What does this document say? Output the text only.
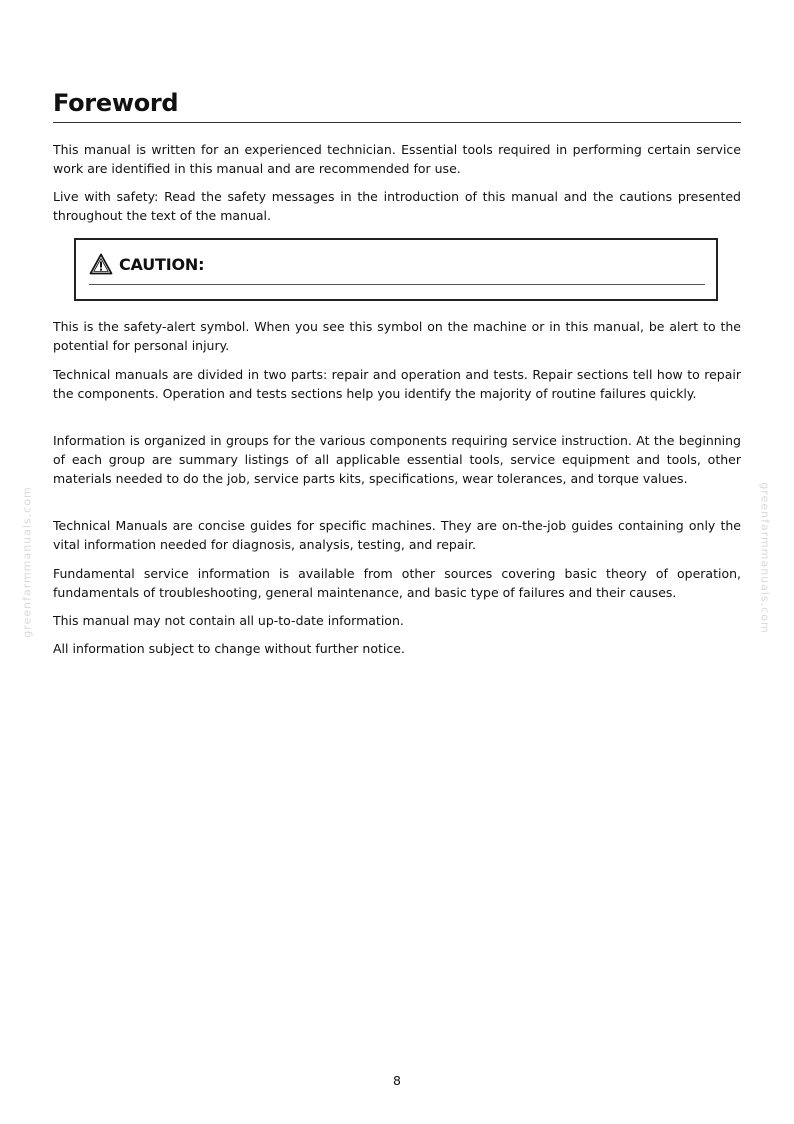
Foreword

This manual is written for an experienced technician. Essential tools required in performing certain service work are identified in this manual and are recommended for use.

Live with safety: Read the safety messages in the introduction of this manual and the cautions presented throughout the text of the manual.

CAUTION:

This is the safety-alert symbol. When you see this symbol on the machine or in this manual, be alert to the potential for personal injury.

Technical manuals are divided in two parts: repair and operation and tests. Repair sections tell how to repair the components. Operation and tests sections help you identify the majority of routine failures quickly.

Information is organized in groups for the various components requiring service instruction. At the beginning of each group are summary listings of all applicable essential tools, service equipment and tools, other materials needed to do the job, service parts kits, specifications, wear tolerances, and torque values.

Technical Manuals are concise guides for specific machines. They are on-the-job guides containing only the vital information needed for diagnosis, analysis, testing, and repair.

Fundamental service information is available from other sources covering basic theory of operation, fundamentals of troubleshooting, general maintenance, and basic type of failures and their causes.

This manual may not contain all up-to-date information.

All information subject to change without further notice.

greenfarmmanuals.com	greenfarmmanuals.com
8
